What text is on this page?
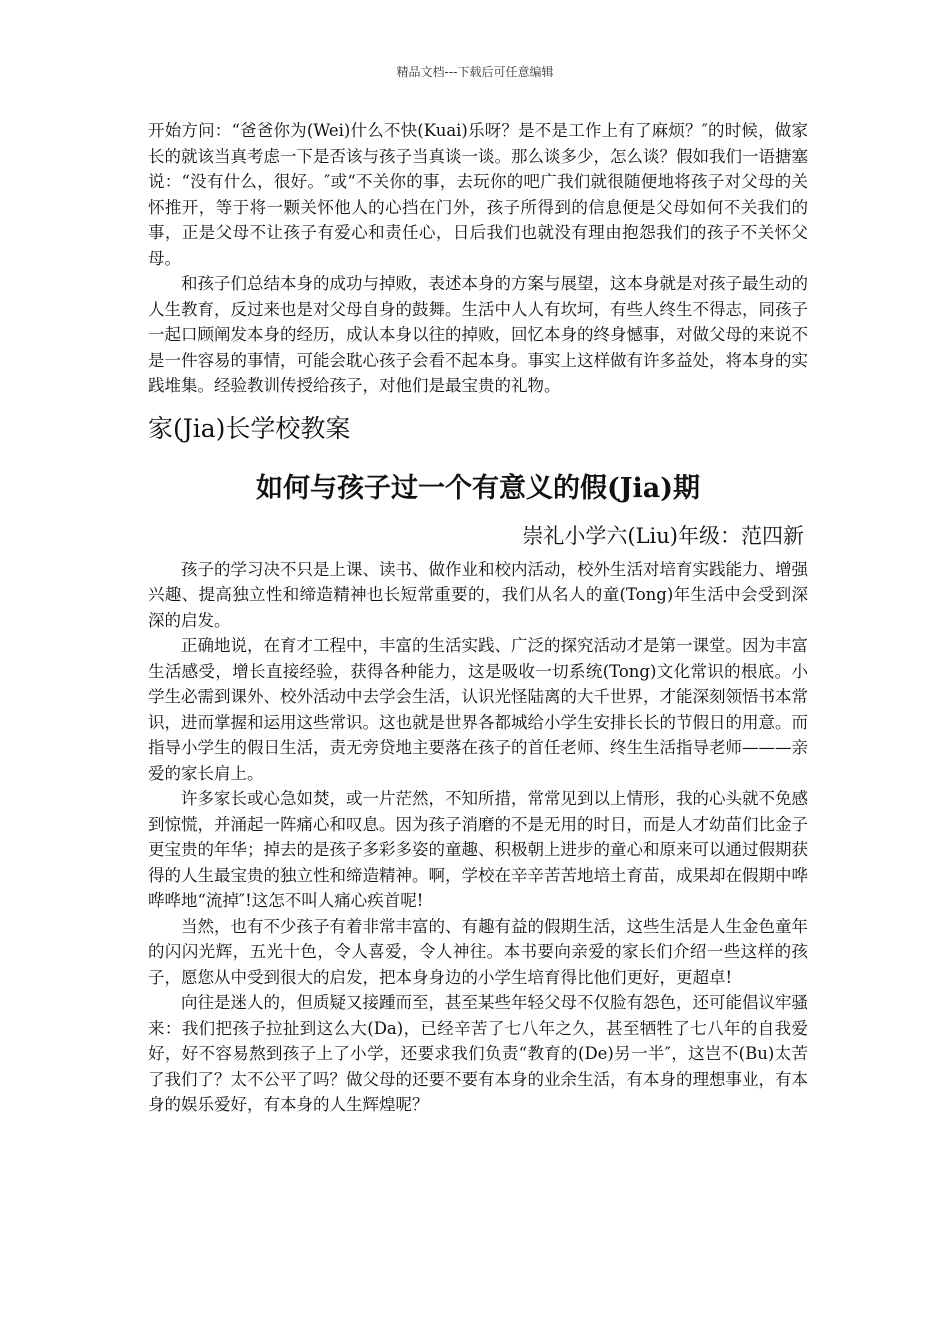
精品文档---下载后可任意编辑

开始方问：“爸爸你为(Wei)什么不快(Kuai)乐呀？是不是工作上有了麻烦？″的时候，做家长的就该当真考虑一下是否该与孩子当真谈一谈。那么谈多少，怎么谈？假如我们一语搪塞说：“没有什么，很好。″或“不关你的事，去玩你的吧广我们就很随便地将孩子对父母的关怀推开，等于将一颗关怀他人的心挡在门外，孩子所得到的信息便是父母如何不关我们的事，正是父母不让孩子有爱心和责任心，日后我们也就没有理由抱怨我们的孩子不关怀父母。

和孩子们总结本身的成功与掉败，表述本身的方案与展望，这本身就是对孩子最生动的人生教育，反过来也是对父母自身的鼓舞。生活中人人有坎坷，有些人终生不得志，同孩子一起口顾阐发本身的经历，成认本身以往的掉败，回忆本身的终身憾事，对做父母的来说不是一件容易的事情，可能会耽心孩子会看不起本身。事实上这样做有许多益处，将本身的实践堆集。经验教训传授给孩子，对他们是最宝贵的礼物。

家(Jia)长学校教案
如何与孩子过一个有意义的假(Jia)期
崇礼小学六(Liu)年级：范四新

孩子的学习决不只是上课、读书、做作业和校内活动，校外生活对培育实践能力、增强兴趣、提高独立性和缔造精神也长短常重要的，我们从名人的童(Tong)年生活中会受到深深的启发。

正确地说，在育才工程中，丰富的生活实践、广泛的探究活动才是第一课堂。因为丰富生活感受，增长直接经验，获得各种能力，这是吸收一切系统(Tong)文化常识的根底。小学生必需到课外、校外活动中去学会生活，认识光怪陆离的大千世界，才能深刻领悟书本常识，进而掌握和运用这些常识。这也就是世界各都城给小学生安排长长的节假日的用意。而指导小学生的假日生活，责无旁贷地主要落在孩子的首任老师、终生生活指导老师———亲爱的家长肩上。

许多家长或心急如焚，或一片茫然，不知所措，常常见到以上情形，我的心头就不免感到惊慌，并涌起一阵痛心和叹息。因为孩子消磨的不是无用的时日，而是人才幼苗们比金子更宝贵的年华；掉去的是孩子多彩多姿的童趣、积极朝上进步的童心和原来可以通过假期获得的人生最宝贵的独立性和缔造精神。啊，学校在辛辛苦苦地培土育苗，成果却在假期中哗哗哗地“流掉″!这怎不叫人痛心疾首呢!

当然，也有不少孩子有着非常丰富的、有趣有益的假期生活，这些生活是人生金色童年的闪闪光辉，五光十色，令人喜爱，令人神往。本书要向亲爱的家长们介绍一些这样的孩子，愿您从中受到很大的启发，把本身身边的小学生培育得比他们更好，更超卓!

向往是迷人的，但质疑又接踵而至，甚至某些年轻父母不仅脸有怨色，还可能倡议牢骚来：我们把孩子拉扯到这么大(Da)，已经辛苦了七八年之久，甚至牺牲了七八年的自我爱好，好不容易熬到孩子上了小学，还要求我们负责“教育的(De)另一半″，这岂不(Bu)太苦了我们了？太不公平了吗？做父母的还要不要有本身的业余生活，有本身的理想事业，有本身的娱乐爱好，有本身的人生辉煌呢？
